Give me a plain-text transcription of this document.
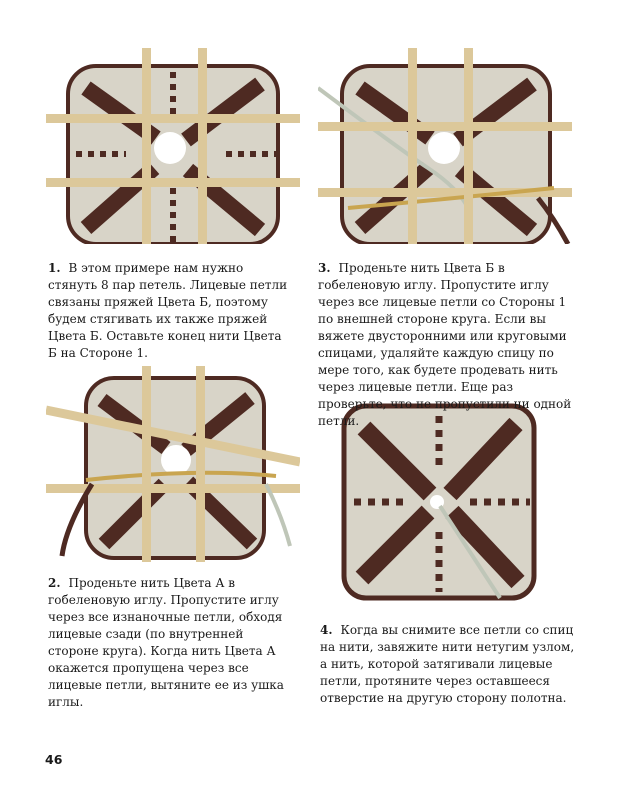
1. В этом примере нам нужно стянуть 8 пар петель. Лицевые петли связаны пряжей Цвета Б, поэтому будем стягивать их также пряжей Цвета Б. Оставьте конец нити Цвета Б на Стороне 1.
3. Проденьте нить Цвета Б в гобеленовую иглу. Пропустите иглу через все лицевые петли со Стороны 1 по внешней стороне круга. Если вы вяжете двусторонними или круговыми спицами, удаляйте каждую спицу по мере того, как будете продевать нить через лицевые петли. Еще раз проверьте, что не пропустили ни одной петли.
2. Проденьте нить Цвета А в гобеленовую иглу. Пропустите иглу через все изнаночные петли, обходя лицевые сзади (по внутренней стороне круга). Когда нить Цвета А окажется пропущена через все лицевые петли, вытяните ее из ушка иглы.
4. Когда вы снимите все петли со спиц на нити, завяжите нити нетугим узлом, а нить, которой затягивали лицевые петли, протяните через оставшееся отверстие на другую сторону полотна.
46
